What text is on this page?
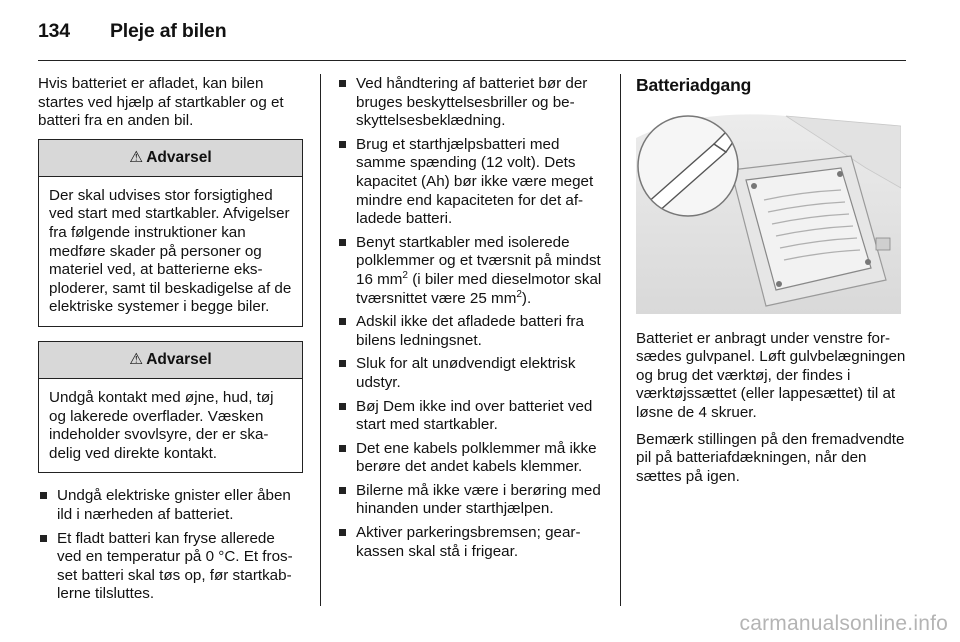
134 Pleje af bilen

Hvis batteriet er afladet, kan bilen startes ved hjælp af startkabler og et batteri fra en anden bil.

⚠ Advarsel
Der skal udvises stor forsigtighed ved start med startkabler. Afvigelser fra følgende instruktioner kan medføre skader på personer og materiel ved, at batterierne eksploderer, samt til beskadigelse af de elektriske systemer i begge biler.
⚠ Advarsel
Undgå kontakt med øjne, hud, tøj og lakerede overflader. Væsken indeholder svovlsyre, der er skadelig ved direkte kontakt.
Undgå elektriske gnister eller åben ild i nærheden af batteriet.
Et fladt batteri kan fryse allerede ved en temperatur på 0 °C. Et frosset batteri skal tøs op, før startkablerne tilsluttes.
Ved håndtering af batteriet bør der bruges beskyttelsesbriller og beskyttelsesbeklædning.
Brug et starthjælpsbatteri med samme spænding (12 volt). Dets kapacitet (Ah) bør ikke være meget mindre end kapaciteten for det afladede batteri.
Benyt startkabler med isolerede polklemmer og et tværsnit på mindst 16 $mm^2$ (i biler med dieselmotor skal tværsnittet være 25 $mm^2$).
Adskil ikke det afladede batteri fra bilens ledningsnet.
Sluk for alt unødvendigt elektrisk udstyr.
Bøj Dem ikke ind over batteriet ved start med startkabler.
Det ene kabels polklemmer må ikke berøre det andet kabels klemmer.
Bilerne må ikke være i berøring med hinanden under starthjælpen.
Aktiver parkeringsbremsen; gearkassen skal stå i frigear.
Batteriadgang

Batteriet er anbragt under venstre forsædes gulvpanel. Løft gulvbelægningen og brug det værktøj, der findes i værktøjssættet (eller lappesættet) til at løsne de 4 skruer.

Bemærk stillingen på den fremadvendte pil på batteriafdækningen, når den sættes på igen.

carmanualsonline.info
